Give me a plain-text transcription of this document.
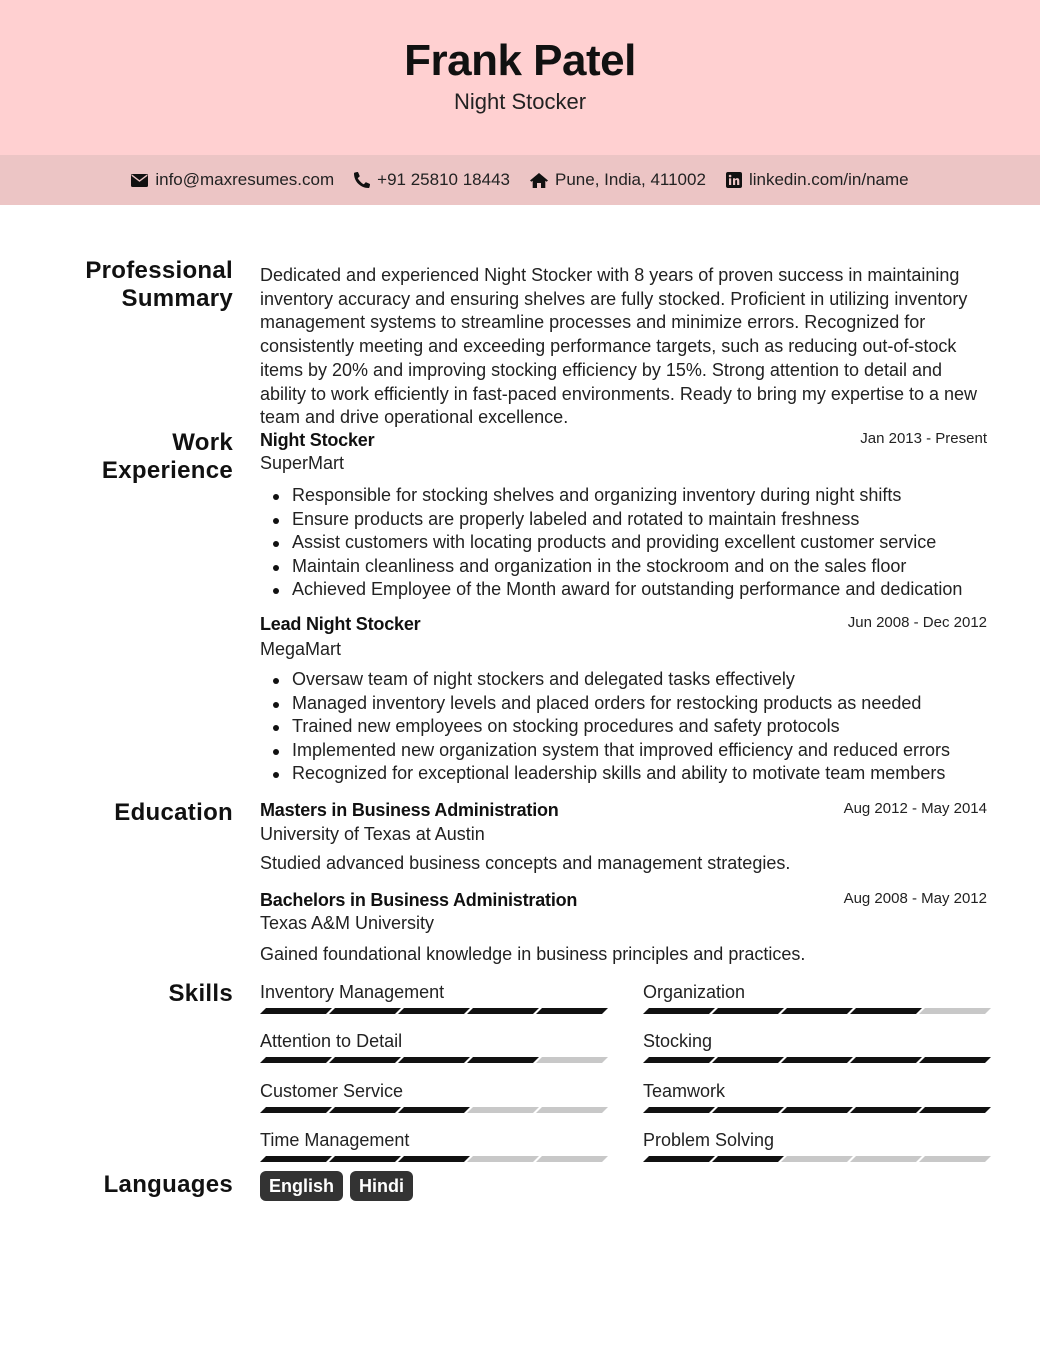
Frank Patel
Night Stocker
info@maxresumes.com	+91 25810 18443	Pune, India, 411002	linkedin.com/in/name
Professional
Summary
Dedicated and experienced Night Stocker with 8 years of proven success in maintaining inventory accuracy and ensuring shelves are fully stocked. Proficient in utilizing inventory management systems to streamline processes and minimize errors. Recognized for consistently meeting and exceeding performance targets, such as reducing out-of-stock items by 20% and improving stocking efficiency by 15%. Strong attention to detail and ability to work efficiently in fast-paced environments. Ready to bring my expertise to a new team and drive operational excellence.
Work
Experience
Night Stocker	Jan 2013 - Present
SuperMart
Responsible for stocking shelves and organizing inventory during night shifts
Ensure products are properly labeled and rotated to maintain freshness
Assist customers with locating products and providing excellent customer service
Maintain cleanliness and organization in the stockroom and on the sales floor
Achieved Employee of the Month award for outstanding performance and dedication
Lead Night Stocker	Jun 2008 - Dec 2012
MegaMart
Oversaw team of night stockers and delegated tasks effectively
Managed inventory levels and placed orders for restocking products as needed
Trained new employees on stocking procedures and safety protocols
Implemented new organization system that improved efficiency and reduced errors
Recognized for exceptional leadership skills and ability to motivate team members
Education Masters in Business Administration	Aug 2012 - May 2014
University of Texas at Austin
Studied advanced business concepts and management strategies.
Bachelors in Business Administration	Aug 2008 - May 2012
Texas A&M University
Gained foundational knowledge in business principles and practices.
Skills Inventory Management	Organization
Attention to Detail	Stocking
Customer Service	Teamwork
Time Management	Problem Solving
Languages	English	Hindi
